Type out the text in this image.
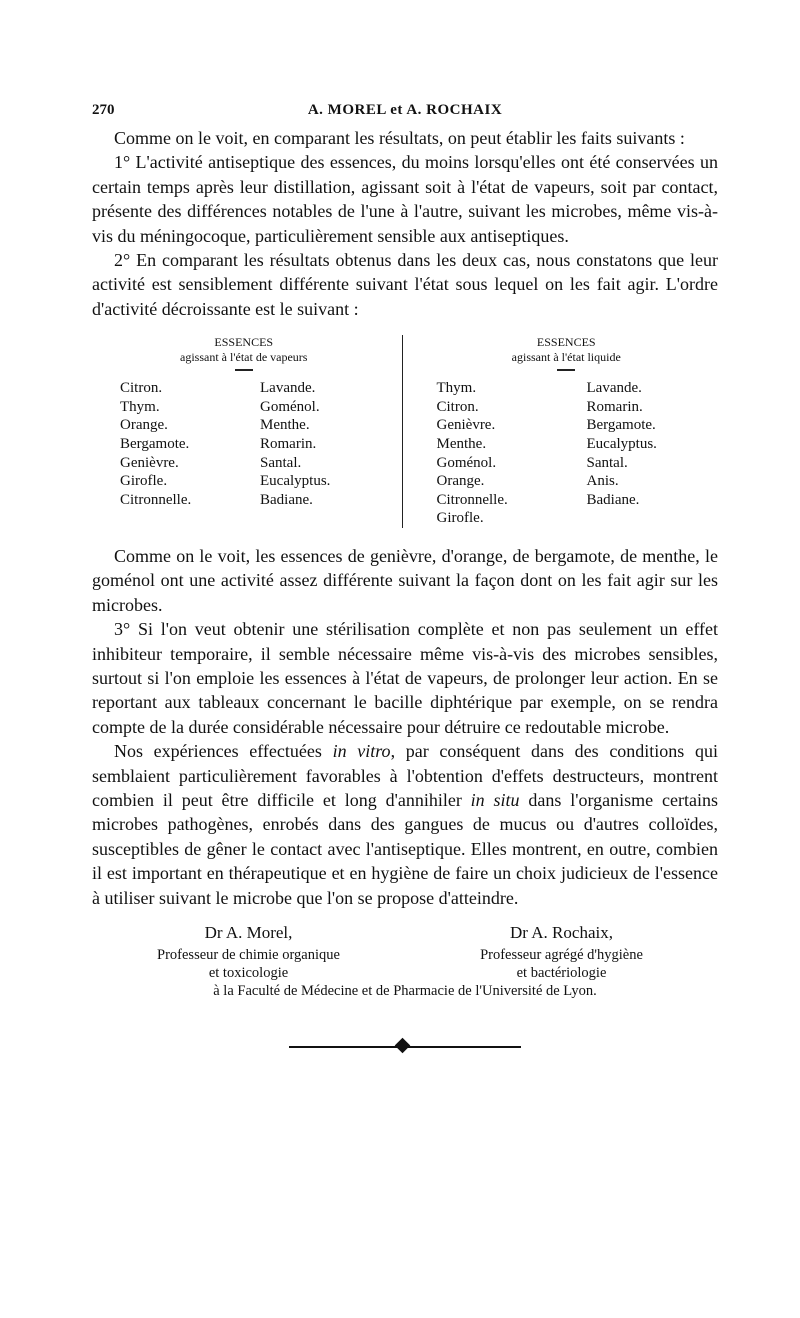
270	A. MOREL et A. ROCHAIX

Comme on le voit, en comparant les résultats, on peut établir les faits suivants :

1° L'activité antiseptique des essences, du moins lorsqu'elles ont été conservées un certain temps après leur distillation, agissant soit à l'état de vapeurs, soit par contact, présente des différences notables de l'une à l'autre, suivant les microbes, même vis-à-vis du méningocoque, particulièrement sensible aux antiseptiques.

2° En comparant les résultats obtenus dans les deux cas, nous constatons que leur activité est sensiblement différente suivant l'état sous lequel on les fait agir. L'ordre d'activité décroissante est le suivant :

ESSENCES
agissant à l'état de vapeurs
Citron.
Thym.
Orange.
Bergamote.
Genièvre.
Girofle.
Citronnelle.
Lavande.
Goménol.
Menthe.
Romarin.
Santal.
Eucalyptus.
Badiane.
ESSENCES
agissant à l'état liquide
Thym.
Citron.
Genièvre.
Menthe.
Goménol.
Orange.
Citronnelle.
Girofle.
Lavande.
Romarin.
Bergamote.
Eucalyptus.
Santal.
Anis.
Badiane.

Comme on le voit, les essences de genièvre, d'orange, de bergamote, de menthe, le goménol ont une activité assez différente suivant la façon dont on les fait agir sur les microbes.

3° Si l'on veut obtenir une stérilisation complète et non pas seulement un effet inhibiteur temporaire, il semble nécessaire même vis-à-vis des microbes sensibles, surtout si l'on emploie les essences à l'état de vapeurs, de prolonger leur action. En se reportant aux tableaux concernant le bacille diphtérique par exemple, on se rendra compte de la durée considérable nécessaire pour détruire ce redoutable microbe.

Nos expériences effectuées in vitro, par conséquent dans des conditions qui semblaient particulièrement favorables à l'obtention d'effets destructeurs, montrent combien il peut être difficile et long d'annihiler in situ dans l'organisme certains microbes pathogènes, enrobés dans des gangues de mucus ou d'autres colloïdes, susceptibles de gêner le contact avec l'antiseptique. Elles montrent, en outre, combien il est important en thérapeutique et en hygiène de faire un choix judicieux de l'essence à utiliser suivant le microbe que l'on se propose d'atteindre.

Dr A. Morel,
Professeur de chimie organique
et toxicologie
Dr A. Rochaix,
Professeur agrégé d'hygiène
et bactériologie
à la Faculté de Médecine et de Pharmacie de l'Université de Lyon.
